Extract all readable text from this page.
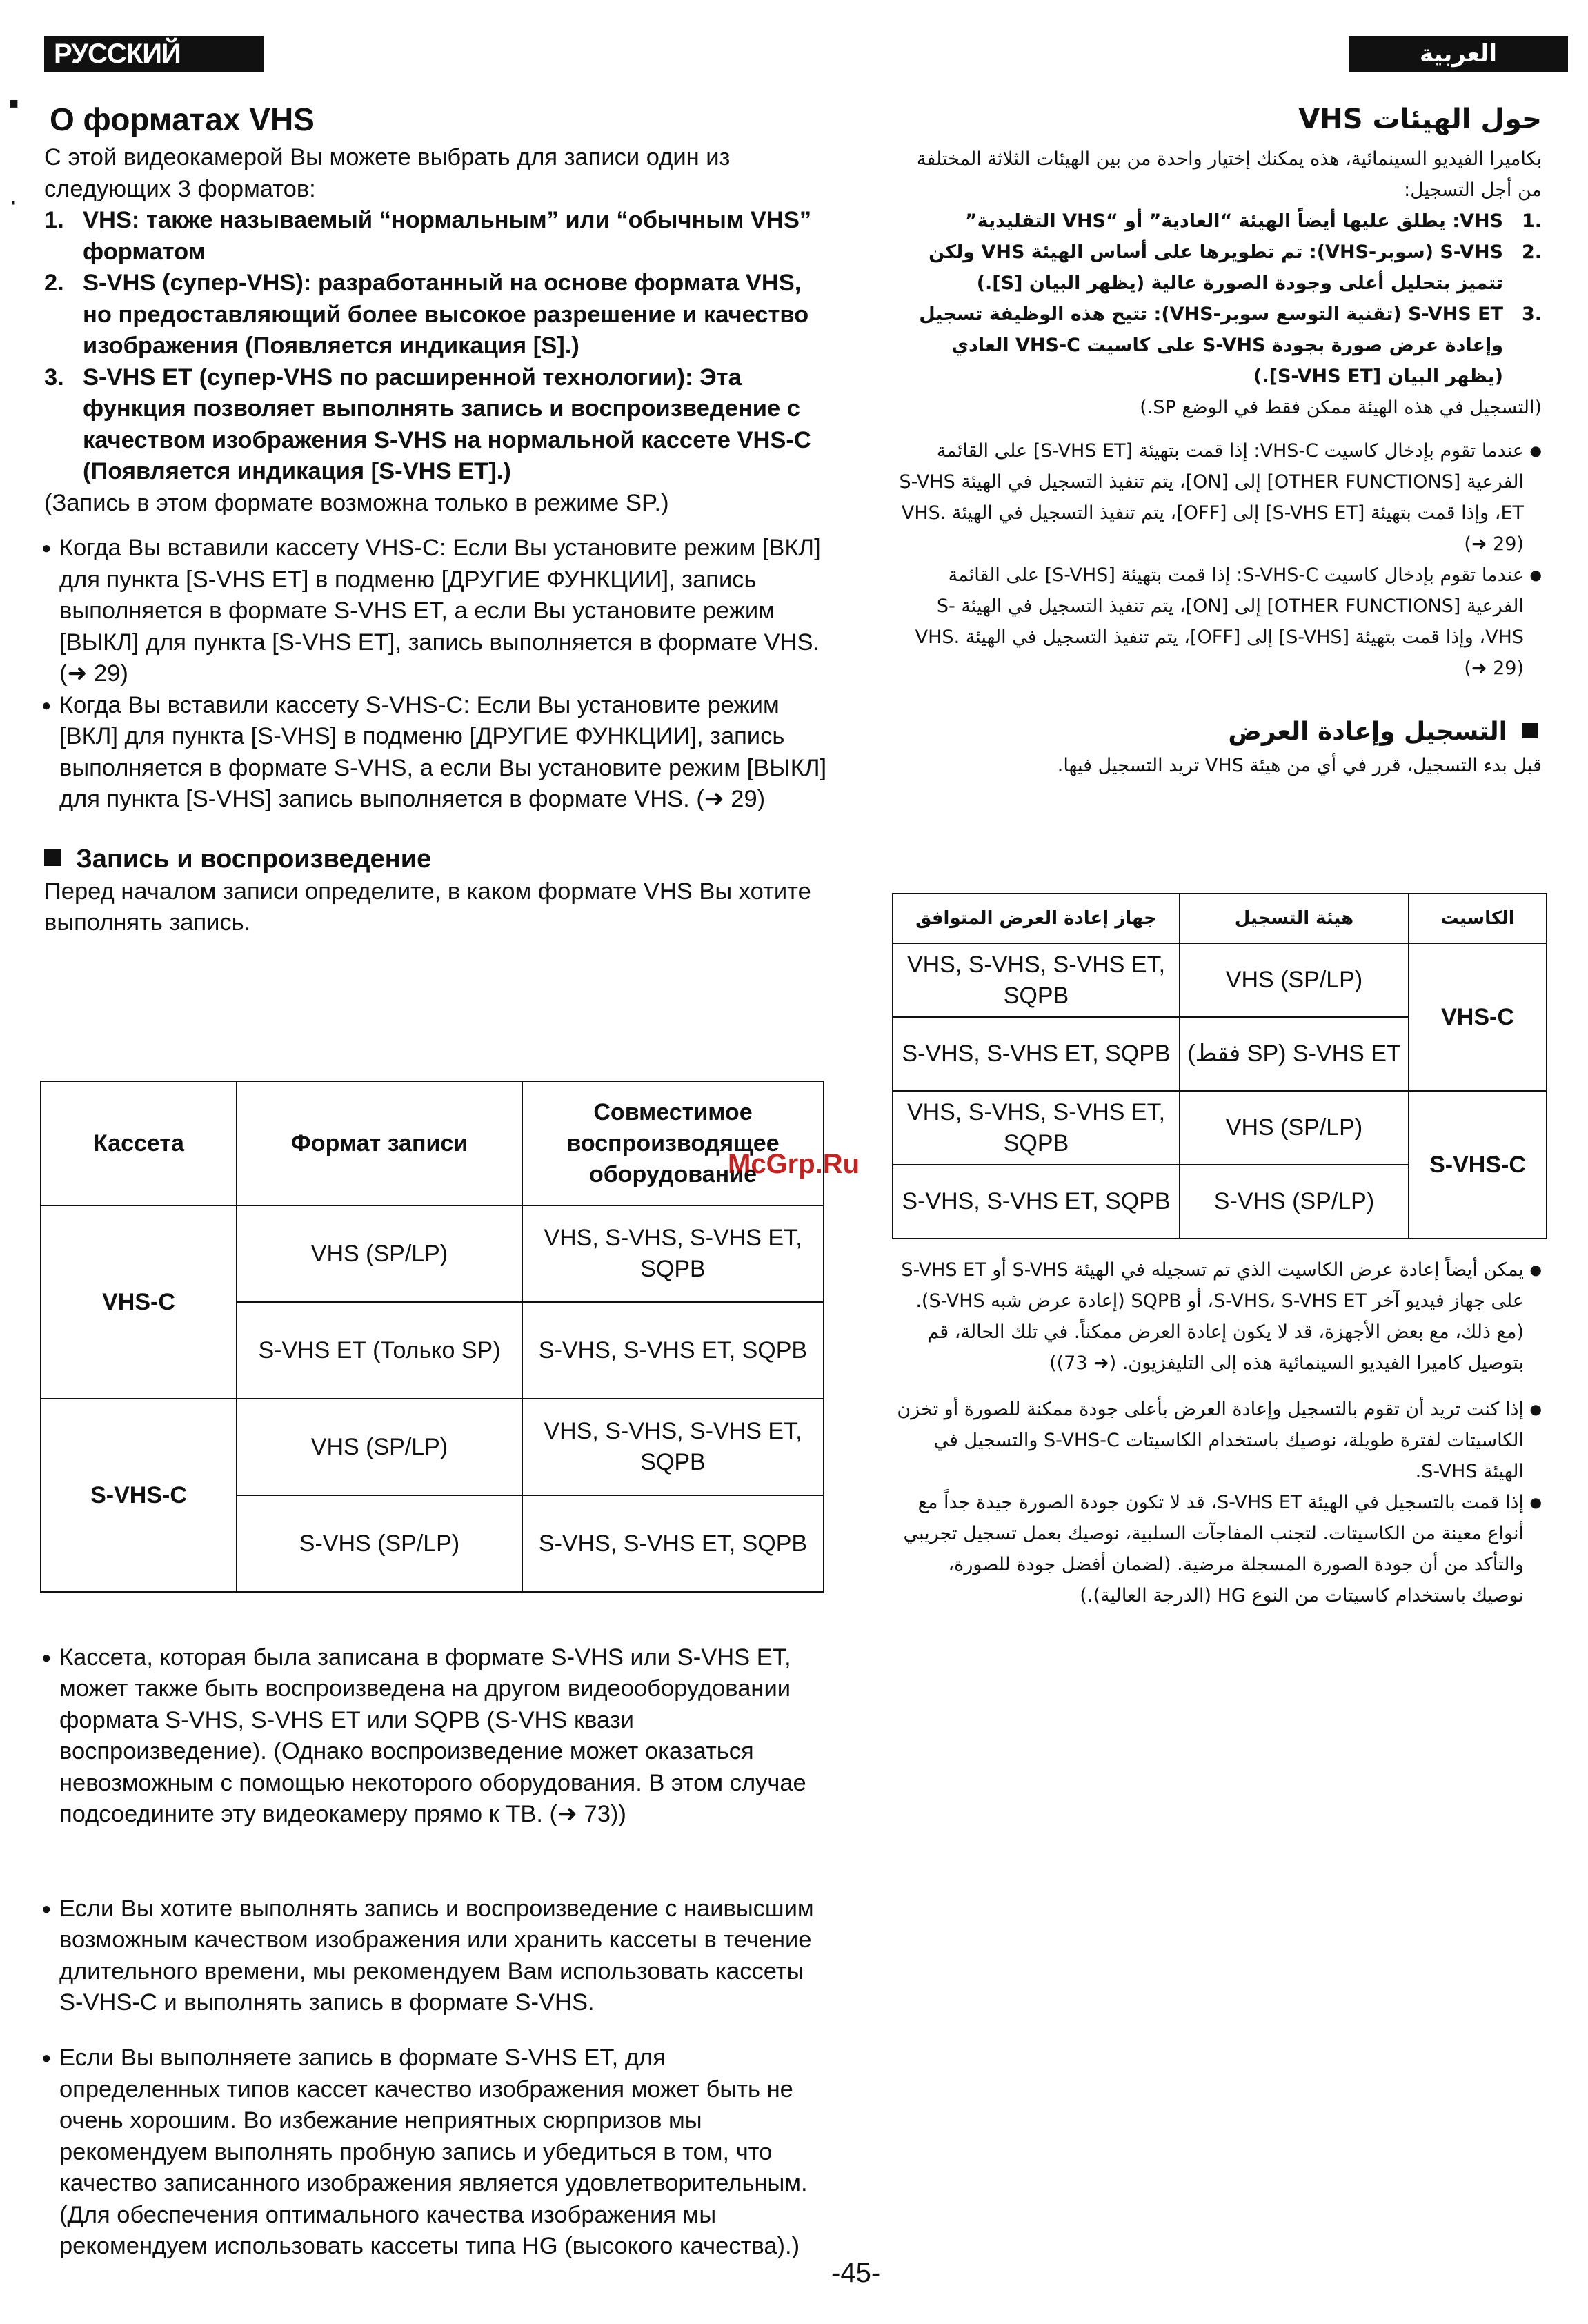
РУССКИЙ ЯЗЫК
العربية
▪
·
О форматах VHS

С этой видеокамерой Вы можете выбрать для записи один из следующих 3 форматов:

1. VHS: также называемый “нормальным” или “обычным VHS” форматом
2. S-VHS (супер-VHS): разработанный на основе формата VHS, но предоставляющий более высокое разрешение и качество изображения (Появляется индикация [S].)
3. S-VHS ET (супер-VHS по расширенной технологии): Эта функция позволяет выполнять запись и воспроизведение с качеством изображения S-VHS на нормальной кассете VHS-C (Появляется индикация [S-VHS ET].)

(Запись в этом формате возможна только в режиме SP.)

● Когда Вы вставили кассету VHS-C: Если Вы установите режим [ВКЛ] для пункта [S-VHS ET] в подменю [ДРУГИЕ ФУНКЦИИ], запись выполняется в формате S-VHS ET, а если Вы установите режим [ВЫКЛ] для пункта [S-VHS ET], запись выполняется в формате VHS. (➜ 29)

● Когда Вы вставили кассету S-VHS-C: Если Вы установите режим [ВКЛ] для пункта [S-VHS] в подменю [ДРУГИЕ ФУНКЦИИ], запись выполняется в формате S-VHS, а если Вы установите режим [ВЫКЛ] для пункта [S-VHS] запись выполняется в формате VHS. (➜ 29)

Запись и воспроизведение

Перед началом записи определите, в каком формате VHS Вы хотите выполнять запись.

Кассета	Формат записи	Совместимое воспроизводящее оборудование
VHS-C	VHS (SP/LP)	VHS, S-VHS, S-VHS ET, SQPB
	S-VHS ET (Только SP)	S-VHS, S-VHS ET, SQPB
S-VHS-C	VHS (SP/LP)	VHS, S-VHS, S-VHS ET, SQPB
	S-VHS (SP/LP)	S-VHS, S-VHS ET, SQPB
McGrp.Ru

● Кассета, которая была записана в формате S-VHS или S-VHS ET, может также быть воспроизведена на другом видеооборудовании формата S-VHS, S-VHS ET или SQPB (S-VHS квази воспроизведение). (Однако воспроизведение может оказаться невозможным с помощью некоторого оборудования. В этом случае подсоедините эту видеокамеру прямо к ТВ. (➜ 73))

● Если Вы хотите выполнять запись и воспроизведение с наивысшим возможным качеством изображения или хранить кассеты в течение длительного времени, мы рекомендуем Вам использовать кассеты S-VHS-C и выполнять запись в формате S-VHS.

● Если Вы выполняете запись в формате S-VHS ET, для определенных типов кассет качество изображения может быть не очень хорошим. Во избежание неприятных сюрпризов мы рекомендуем выполнять пробную запись и убедиться в том, что качество записанного изображения является удовлетворительным. (Для обеспечения оптимального качества изображения мы рекомендуем использовать кассеты типа HG (высокого качества).)

حول الهيئات VHS

بكاميرا الفيديو السينمائية، هذه يمكنك إختيار واحدة من بين الهيئات الثلاثة المختلفة من أجل التسجيل:

.1
VHS: يطلق عليها أيضاً الهيئة “العادية” أو “VHS التقليدية”

.2
S-VHS (سوبر-VHS): تم تطويرها على أساس الهيئة VHS ولكن تتميز بتحليل أعلى وجودة الصورة عالية (يظهر البيان [S].)

.3
S-VHS ET (تقنية التوسع سوبر-VHS): تتيح هذه الوظيفة تسجيل وإعادة عرض صورة بجودة S-VHS على كاسيت VHS-C العادي (يظهر البيان [S-VHS ET].)

(التسجيل في هذه الهيئة ممكن فقط في الوضع SP.)

● عندما تقوم بإدخال كاسيت VHS-C: إذا قمت بتهيئة [S-VHS ET] على القائمة الفرعية [OTHER FUNCTIONS] إلى [ON]، يتم تنفيذ التسجيل في الهيئة S-VHS ET، وإذا قمت بتهيئة [S-VHS ET] إلى [OFF]، يتم تنفيذ التسجيل في الهيئة VHS. (➜ 29)

● عندما تقوم بإدخال كاسيت S-VHS-C: إذا قمت بتهيئة [S-VHS] على القائمة الفرعية [OTHER FUNCTIONS] إلى [ON]، يتم تنفيذ التسجيل في الهيئة S-VHS، وإذا قمت بتهيئة [S-VHS] إلى [OFF]، يتم تنفيذ التسجيل في الهيئة VHS. (➜ 29)

التسجيل وإعادة العرض

قبل بدء التسجيل، قرر في أي من هيئة VHS تريد التسجيل فيها.

الكاسيت	هيئة التسجيل	جهاز إعادة العرض المتوافق
VHS-C	VHS (SP/LP)	VHS, S-VHS, S-VHS ET, SQPB
	S-VHS ET (SP فقط)	S-VHS, S-VHS ET, SQPB
S-VHS-C	VHS (SP/LP)	VHS, S-VHS, S-VHS ET, SQPB
	S-VHS (SP/LP)	S-VHS, S-VHS ET, SQPB

● يمكن أيضاً إعادة عرض الكاسيت الذي تم تسجيله في الهيئة S-VHS أو S-VHS ET على جهاز فيديو آخر S-VHS، S-VHS ET، أو SQPB (إعادة عرض شبه S-VHS). (مع ذلك، مع بعض الأجهزة، قد لا يكون إعادة العرض ممكناً. في تلك الحالة، قم بتوصيل كاميرا الفيديو السينمائية هذه إلى التليفزيون. (➜ 73))

● إذا كنت تريد أن تقوم بالتسجيل وإعادة العرض بأعلى جودة ممكنة للصورة أو تخزن الكاسيتات لفترة طويلة، نوصيك باستخدام الكاسيتات S-VHS-C والتسجيل في الهيئة S-VHS.

● إذا قمت بالتسجيل في الهيئة S-VHS ET، قد لا تكون جودة الصورة جيدة جداً مع أنواع معينة من الكاسيتات. لتجنب المفاجآت السلبية، نوصيك بعمل تسجيل تجريبي والتأكد من أن جودة الصورة المسجلة مرضية. (لضمان أفضل جودة للصورة، نوصيك باستخدام كاسيتات من النوع HG (الدرجة العالية).)

-45-
